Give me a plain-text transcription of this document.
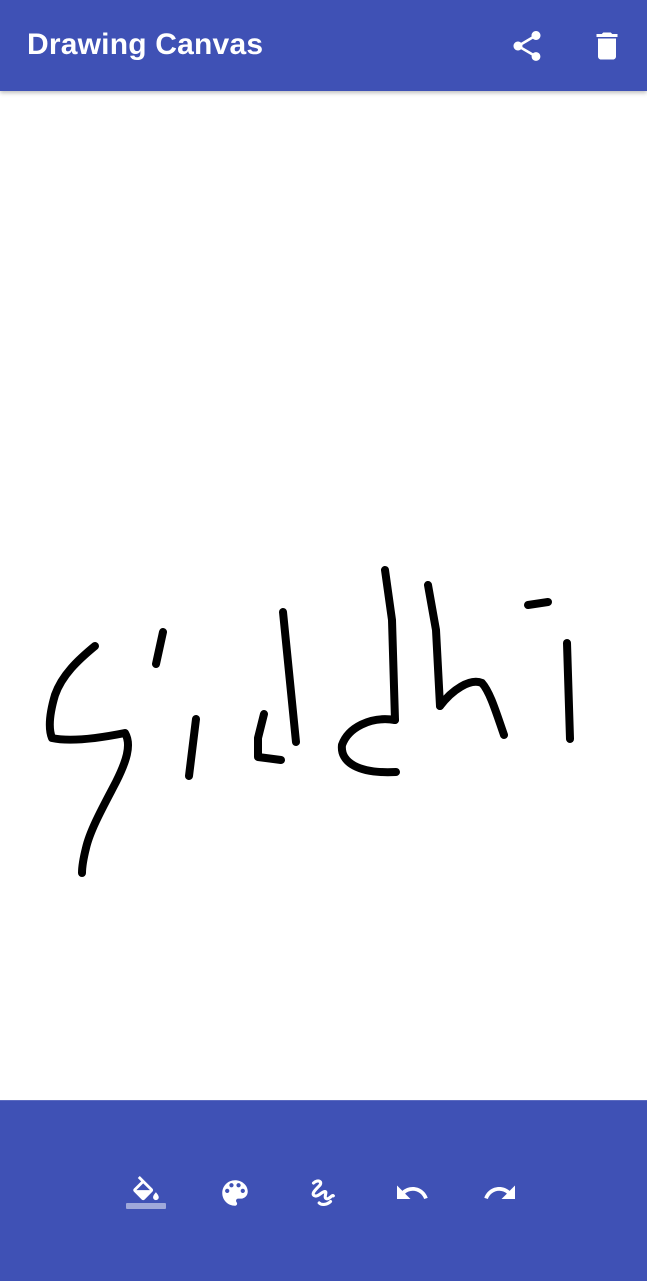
Drawing Canvas
